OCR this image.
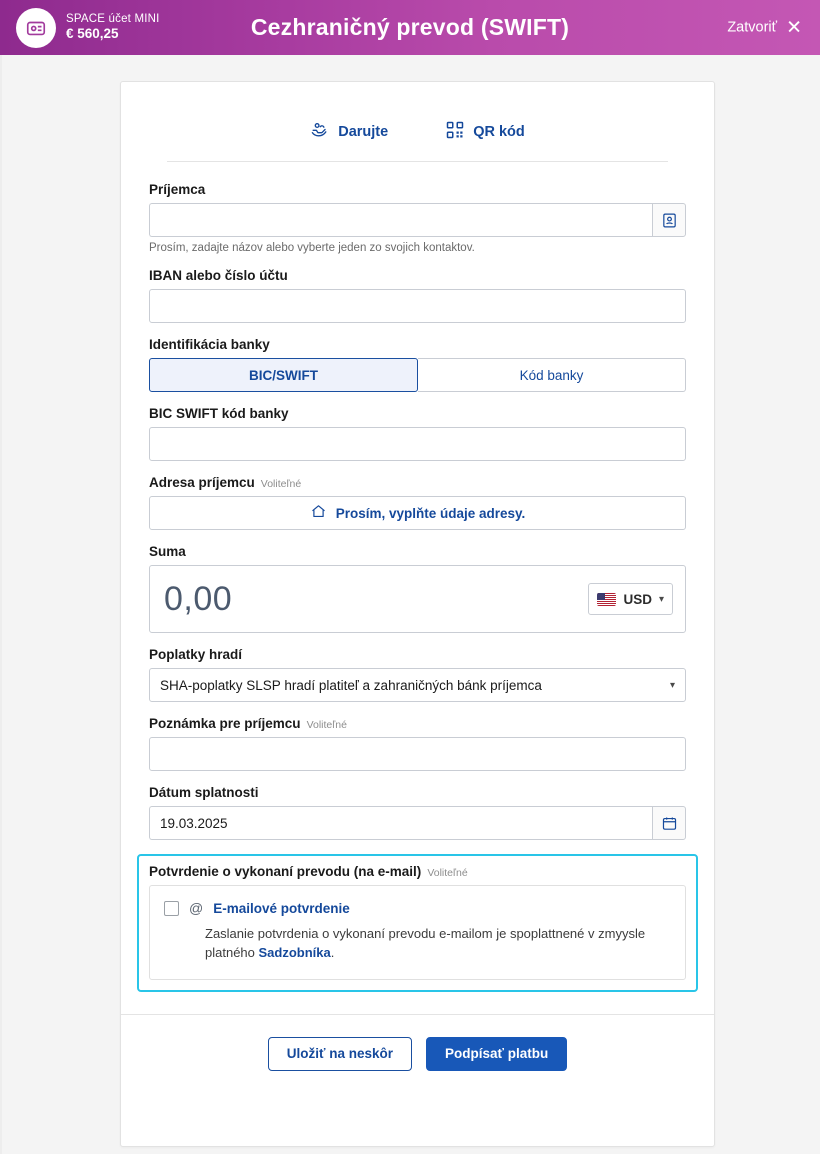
SPACE účet MINI
€ 560,25	Cezhraničný prevod (SWIFT)	Zatvoriť ✕
Darujte	QR kód
Príjemca
Prosím, zadajte názov alebo vyberte jeden zo svojich kontaktov.
IBAN alebo číslo účtu
Identifikácia banky
BIC/SWIFT	Kód banky
BIC SWIFT kód banky
Adresa príjemcu Voliteľné
Prosím, vyplňte údaje adresy.
Suma
0,00	USD ▾
Poplatky hradí
SHA-poplatky SLSP hradí platiteľ a zahraničných bánk príjemca	▾
Poznámka pre príjemcu Voliteľné
Dátum splatnosti
19.03.2025
Potvrdenie o vykonaní prevodu (na e-mail) Voliteľné
@ E-mailové potvrdenie
Zaslanie potvrdenia o vykonaní prevodu e-mailom je spoplattnené v zmyysle platného Sadzobníka.
Uložiť na neskôr	Podpísať platbu
